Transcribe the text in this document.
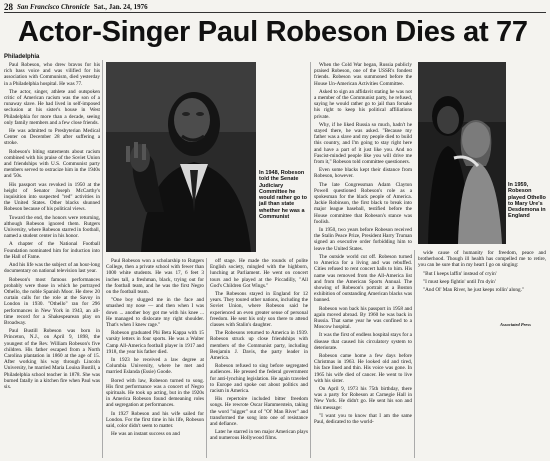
28 San Francisco Chronicle Sat., Jan. 24, 1976
Actor-Singer Paul Robeson Dies at 77
Philadelphia

Paul Robeson, who drew bravos for his rich bass voice and was vilified for his association with Communism, died yesterday in a Philadelphia hospital. He was 77.

The actor, singer, athlete and outspoken critic of American racism was the son of a runaway slave. He had lived in self-imposed seclusion at his sister's house in West Philadelphia for more than a decade, seeing only family members and a few close friends.

He was admitted to Presbyterian Medical Center on December 28 after suffering a stroke.

Robeson's biting statements about racism combined with his praise of the Soviet Union and friendships with U.S. Communist party members served to ostracize him in the 1940s and '50s.

His passport was revoked in 1950 at the height of Senator Joseph McCarthy's inquisition into suspected "red" activities in the United States. Other blacks shunned Robeson because of his political views.

Toward the end, the honors were returning, although Robeson ignored them. Rutgers University, where Robeson starred in football, named a student center in his honor.

A chapter of the National Football Foundation nominated him for induction into the Hall of Fame.

And his life was the subject of an hour-long documentary on national television last year.

Robeson's most famous performances probably were those in which he portrayed Othello, the noble Spanish Moor. He drew 20 curtain calls for the role at the Savoy in London in 1930. "Othello" ran for 296 performances in New York in 1943, an all-time record for a Shakespearean play on Broadway.

Paul Bustill Robeson was born in Princeton, N.J., on April 9, 1898, the youngest of the Rev. William Robeson's five children. His father escaped from a North Carolina plantation in 1860 at the age of 15. After working his way through Lincoln University, he married Maria Louisa Bustill, a Philadelphia school teacher in 1878. She was burned fatally in a kitchen fire when Paul was six.

Paul Robeson won a scholarship to Rutgers College, then a private school with fewer than 1000 white students. He was 17, 6 feet 3 inches tall, a freshman, black, trying out for the football team, and he was the first Negro on the football team.

"One boy slugged me in the face and smashed my nose — and then when I was down ... another boy got me with his knee ... He managed to dislocate my right shoulder. That's when I knew rage."

Robeson graduated Phi Beta Kappa with 15 varsity letters in four sports. He was a Walter Camp All-America football player in 1917 and 1918, the year his father died.

In 1923 he received a law degree at Columbia University, where he met and married Eslanda (Essie) Goode.

Bored with law, Robeson turned to song. His first performance was a concert of Negro spirituals. He took up acting, but in the 1920s in America Robeson found demeaning roles and segregation at performances.

In 1927 Robeson and his wife sailed for London. For the first time in his life, Robeson said, color didn't seem to matter.

He was an instant success on and

off stage. He made the rounds of polite English society, mingled with the highborn, lunching at Parliament. He went on concert tours and he played at the Piccadilly, "All God's Children Got Wings."

The Robesons stayed in England for 12 years. They toured other nations, including the Soviet Union, where Robeson said he experienced an even greater sense of personal freedom. He sent his only son there to attend classes with Stalin's daughter.

The Robesons returned to America in 1939. Robeson struck up close friendships with members of the Communist party, including Benjamin J. Davis, the party leader in America.

Robeson refused to sing before segregated audiences. He pressed the federal government for anti-lynching legislation. He again traveled to Europe and spoke out about politics and racism in America.

His repertoire included bitter freedom songs. He rewrote Oscar Hammerstein, taking the word "nigger" out of "Ol' Man River" and transformed the song into one of resistance and defiance.

Later he starred in ten major American plays and numerous Hollywood films.

In 1948, Robeson told the Senate Judiciary Committee he would rather go to jail than state whether he was a Communist

When the Cold War began, Russia publicly praised Robeson, one of the USSR's fondest friends. Robeson was summoned before the House Un-American Activities Committee.

Asked to sign an affidavit stating he was not a member of the Communist party, he refused, saying he would rather go to jail than forsake his right to keep his political affiliations private.

Why, if he liked Russia so much, hadn't he stayed there, he was asked. "Because my father was a slave and my people died to build this country, and I'm going to stay right here and have a part of it just like you. And no Fascist-minded people like you will drive me from it," Robeson told committee questioners.

Even some blacks kept their distance from Robeson, however.

The late Congressman Adam Clayton Powell questioned Robeson's role as a spokesman for the black people of America. Jackie Robinson, the first black to break into major league baseball, testified before the House committee that Robeson's stance was foolish.

In 1950, two years before Robeson received the Stalin Peace Prize, President Harry Truman signed an executive order forbidding him to leave the United States.

The outside world cut off. Robeson turned to America for a living and was rebuffed. Cities refused to rent concert halls to him. His name was removed from the All-America list and from the American Sports Annual. The showing of Robeson's portrait at a Boston exhibition of outstanding American blacks was banned.

Robeson won back his passport in 1958 and again moved abroad. By 1960 he was back in Russia. That same year he was confined to a Moscow hospital.

It was the first of endless hospital stays for a disease that caused his circulatory system to deteriorate.

Robeson came home a few days before Christmas in 1963. He looked old and tired, his face lined and thin. His voice was gone. In 1965 his wife died of cancer. He went to live with his sister.

On April 9, 1973 his 75th birthday, there was a party for Robeson at Carnegie Hall in New York. He didn't go. He sent his son and this message:

"I want you to know that I am the same Paul, dedicated to the world-

In 1959, Robeson played Othello to Mary Ure's Desdemona in England

wide cause of humanity for freedom, peace and brotherhood. Though ill health has compelled me to retire, you can be sure that in my heart I go on singing:

"But I keeps laffin' instead of cryin'

"I must keep fightin' until I'm dyin'

"And Ol' Man River, he just keeps rollin' along."

Associated Press
